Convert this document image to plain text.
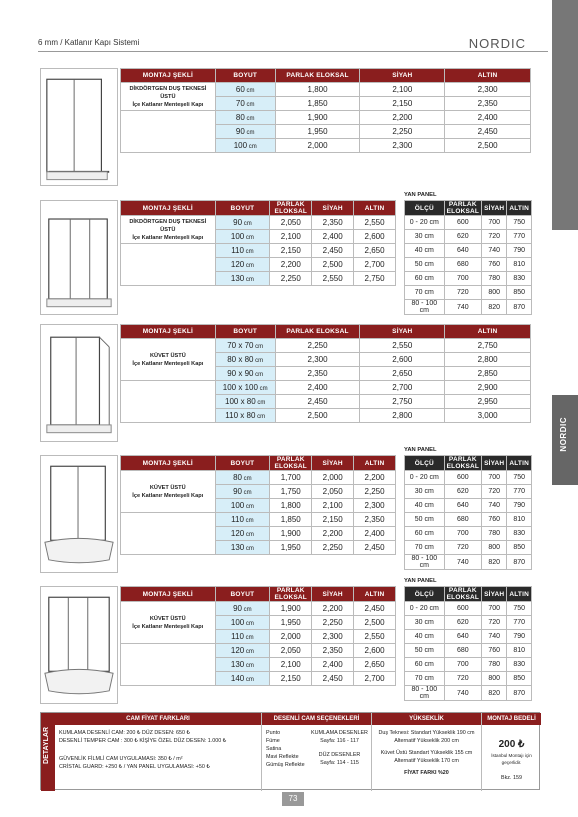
6 mm / Katlanır Kapı Sistemi	NORDIC
NORDIC
MONTAJ ŞEKLİ	BOYUT	PARLAK ELOKSAL	SİYAH	ALTIN

DİKDÖRTGEN DUŞ TEKNESİ ÜSTÜ
İçe Katlanır Menteşeli Kapı	60 cm	1,800	2,100	2,300
	70 cm	1,850	2,150	2,350
	80 cm	1,900	2,200	2,400
	90 cm	1,950	2,250	2,450
	100 cm	2,000	2,300	2,500
MONTAJ ŞEKLİ	BOYUT	PARLAK ELOKSAL	SİYAH	ALTIN

DİKDÖRTGEN DUŞ TEKNESİ ÜSTÜ
İçe Katlanır Menteşeli Kapı	90 cm	2,050	2,350	2,550
	100 cm	2,100	2,400	2,600
	110 cm	2,150	2,450	2,650
	120 cm	2,200	2,500	2,700
	130 cm	2,250	2,550	2,750
YAN PANEL
ÖLÇÜ	PARLAK ELOKSAL	SİYAH	ALTIN
0 - 20 cm	600	700	750
30 cm	620	720	770
40 cm	640	740	790
50 cm	680	760	810
60 cm	700	780	830
70 cm	720	800	850
80 - 100 cm	740	820	870
MONTAJ ŞEKLİ	BOYUT	PARLAK ELOKSAL	SİYAH	ALTIN

KÜVET ÜSTÜ
İçe Katlanır Menteşeli Kapı	70 x 70 cm	2,250	2,550	2,750
	80 x 80 cm	2,300	2,600	2,800
	90 x 90 cm	2,350	2,650	2,850
	100 x 100 cm	2,400	2,700	2,900
	100 x 80 cm	2,450	2,750	2,950
	110 x 80 cm	2,500	2,800	3,000
MONTAJ ŞEKLİ	BOYUT	PARLAK ELOKSAL	SİYAH	ALTIN

KÜVET ÜSTÜ
İçe Katlanır Menteşeli Kapı	80 cm	1,700	2,000	2,200
	90 cm	1,750	2,050	2,250
	100 cm	1,800	2,100	2,300
	110 cm	1,850	2,150	2,350
	120 cm	1,900	2,200	2,400
	130 cm	1,950	2,250	2,450
YAN PANEL
ÖLÇÜ	PARLAK ELOKSAL	SİYAH	ALTIN
0 - 20 cm	600	700	750
30 cm	620	720	770
40 cm	640	740	790
50 cm	680	760	810
60 cm	700	780	830
70 cm	720	800	850
80 - 100 cm	740	820	870
MONTAJ ŞEKLİ	BOYUT	PARLAK ELOKSAL	SİYAH	ALTIN

KÜVET ÜSTÜ
İçe Katlanır Menteşeli Kapı	90 cm	1,900	2,200	2,450
	100 cm	1,950	2,250	2,500
	110 cm	2,000	2,300	2,550
	120 cm	2,050	2,350	2,600
	130 cm	2,100	2,400	2,650
	140 cm	2,150	2,450	2,700
YAN PANEL
ÖLÇÜ	PARLAK ELOKSAL	SİYAH	ALTIN
0 - 20 cm	600	700	750
30 cm	620	720	770
40 cm	640	740	790
50 cm	680	760	810
60 cm	700	780	830
70 cm	720	800	850
80 - 100 cm	740	820	870
DETAYLAR
CAM FİYAT FARKLARI
KUMLAMA DESENLİ CAM: 200 ₺ DÜZ DESEN: 650 ₺
DESENLİ TEMPER CAM : 300 ₺ KİŞİYE ÖZEL DÜZ DESEN: 1.000 ₺
GÜVENLİK FİLMLİ CAM UYGULAMASI: 350 ₺ / m²
CRİSTAL GUARD: +250 ₺ / YAN PANEL UYGULAMASI: +50 ₺
DESENLİ CAM SEÇENEKLERİ
Punto
Füme
Satina
Mavi Reflekte
Gümüş Reflekte
KUMLAMA DESENLER
Sayfa: 116 - 117
DÜZ DESENLER
Sayfa: 114 - 115
YÜKSEKLİK
Duş Teknesi: Standart Yükseklik 190 cm
Alternatif Yükseklik 200 cm
Küvet Üstü Standart Yükseklik 155 cm
Alternatif Yükseklik 170 cm
FİYAT FARKI %20
MONTAJ BEDELİ
200 ₺
İstanbul Montajı için geçerlidir.
Bkz. 159
73
